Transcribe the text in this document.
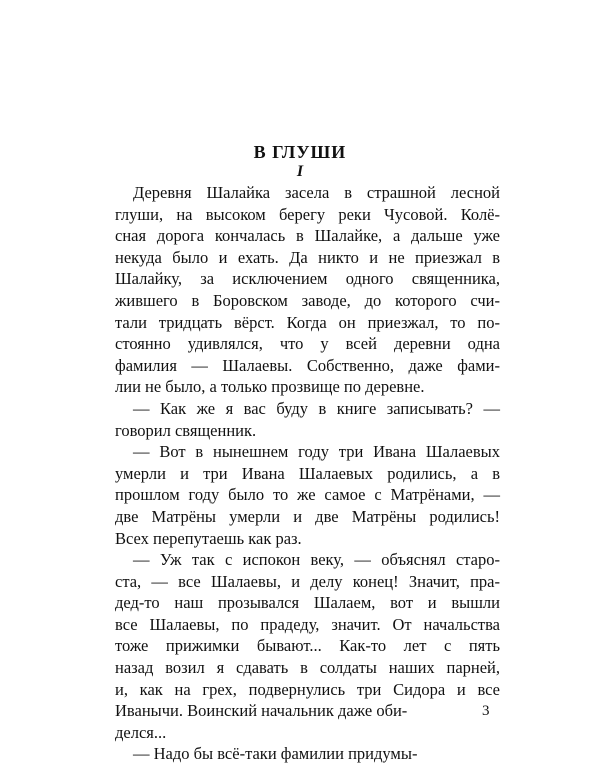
В ГЛУШИ
I
Деревня Шалайка засела в страшной лесной
глуши, на высоком берегу реки Чусовой. Колё-
сная дорога кончалась в Шалайке, а дальше уже
некуда было и ехать. Да никто и не приезжал в
Шалайку, за исключением одного священника,
жившего в Боровском заводе, до которого счи-
тали тридцать вёрст. Когда он приезжал, то по-
стоянно удивлялся, что у всей деревни одна
фамилия — Шалаевы. Собственно, даже фами-
лии не было, а только прозвище по деревне.
— Как же я вас буду в книге записывать? —
говорил священник.
— Вот в нынешнем году три Ивана Шалаевых
умерли и три Ивана Шалаевых родились, а в
прошлом году было то же самое с Матрёнами, —
две Матрёны умерли и две Матрёны родились!
Всех перепутаешь как раз.
— Уж так с испокон веку, — объяснял старо-
ста, — все Шалаевы, и делу конец! Значит, пра-
дед-то наш прозывался Шалаем, вот и вышли
все Шалаевы, по прадеду, значит. От начальства
тоже прижимки бывают... Как-то лет с пять
назад возил я сдавать в солдаты наших парней,
и, как на грех, подвернулись три Сидора и все
Иванычи. Воинский начальник даже оби-
делся...
— Надо бы всё-таки фамилии придумы-
3
